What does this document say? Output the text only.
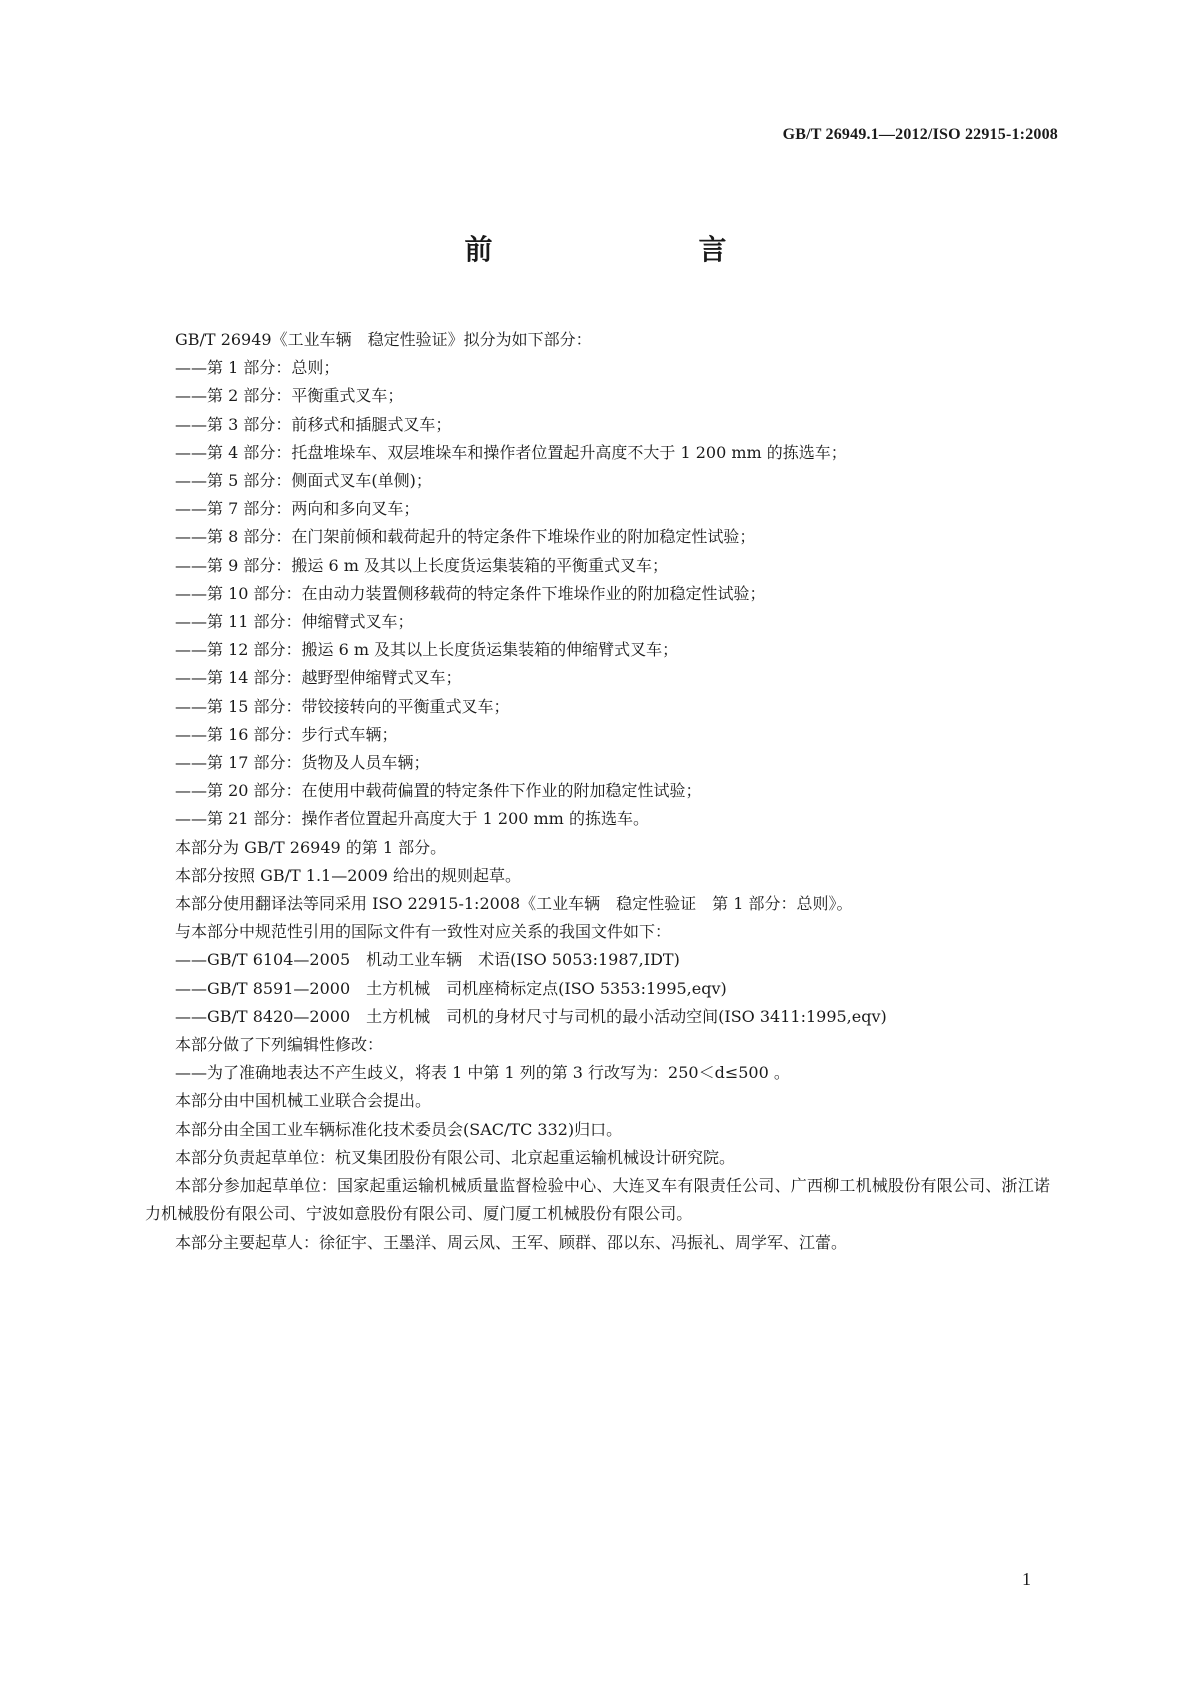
GB/T 26949.1—2012/ISO 22915-1:2008
前　　言
GB/T 26949《工业车辆　稳定性验证》拟分为如下部分：
——第 1 部分：总则；
——第 2 部分：平衡重式叉车；
——第 3 部分：前移式和插腿式叉车；
——第 4 部分：托盘堆垛车、双层堆垛车和操作者位置起升高度不大于 1 200 mm 的拣选车；
——第 5 部分：侧面式叉车(单侧)；
——第 7 部分：两向和多向叉车；
——第 8 部分：在门架前倾和载荷起升的特定条件下堆垛作业的附加稳定性试验；
——第 9 部分：搬运 6 m 及其以上长度货运集装箱的平衡重式叉车；
——第 10 部分：在由动力装置侧移载荷的特定条件下堆垛作业的附加稳定性试验；
——第 11 部分：伸缩臂式叉车；
——第 12 部分：搬运 6 m 及其以上长度货运集装箱的伸缩臂式叉车；
——第 14 部分：越野型伸缩臂式叉车；
——第 15 部分：带铰接转向的平衡重式叉车；
——第 16 部分：步行式车辆；
——第 17 部分：货物及人员车辆；
——第 20 部分：在使用中载荷偏置的特定条件下作业的附加稳定性试验；
——第 21 部分：操作者位置起升高度大于 1 200 mm 的拣选车。
本部分为 GB/T 26949 的第 1 部分。
本部分按照 GB/T 1.1—2009 给出的规则起草。
本部分使用翻译法等同采用 ISO 22915-1:2008《工业车辆　稳定性验证　第 1 部分：总则》。
与本部分中规范性引用的国际文件有一致性对应关系的我国文件如下：
——GB/T 6104—2005　机动工业车辆　术语(ISO 5053:1987,IDT)
——GB/T 8591—2000　土方机械　司机座椅标定点(ISO 5353:1995,eqv)
——GB/T 8420—2000　土方机械　司机的身材尺寸与司机的最小活动空间(ISO 3411:1995,eqv)
本部分做了下列编辑性修改：
——为了准确地表达不产生歧义，将表 1 中第 1 列的第 3 行改写为：250＜d≤500 。
本部分由中国机械工业联合会提出。
本部分由全国工业车辆标准化技术委员会(SAC/TC 332)归口。
本部分负责起草单位：杭叉集团股份有限公司、北京起重运输机械设计研究院。
本部分参加起草单位：国家起重运输机械质量监督检验中心、大连叉车有限责任公司、广西柳工机械股份有限公司、浙江诺力机械股份有限公司、宁波如意股份有限公司、厦门厦工机械股份有限公司。
本部分主要起草人：徐征宇、王墨洋、周云凤、王军、顾群、邵以东、冯振礼、周学军、江蕾。
1
